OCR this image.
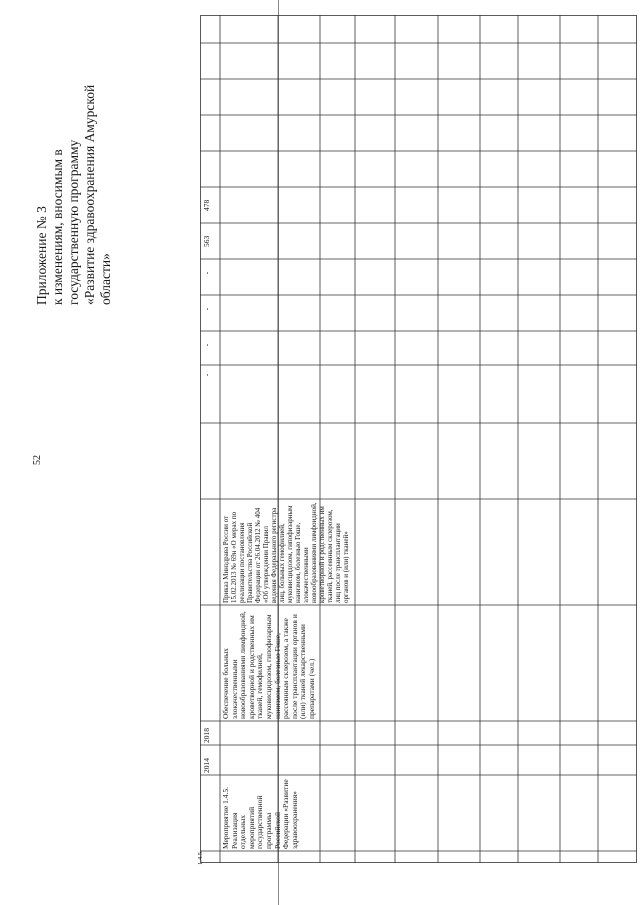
52
Приложение № 3 к изменениям, вносимым в государственную программу «Развитие здравоохранения Амурской области»
1.4.5.
Мероприятие 1.4.5. Реализация отдельных мероприятий государственной программы Российской Федерации «Развитие здравоохранения»
2014
2018
Обеспечение больных злокачественными новообразованиями лимфоидной, кроветворной и родственных им тканей, гемофилией, муковисцидозом, гипофизарным нанизмом, болезнью Гоше, рассеянным склерозом, а также после трансплантации органов и (или) тканей лекарственными препаратами (чел.)
Приказ Минздрава России от 15.02.2013 № 69н «О мерах по реализации постановления Правительства Российской Федерации от 26.04.2012 № 404 «Об утверждении Правил ведения Федерального регистра лиц, больных гемофилией, муковисцидозом, гипофизарным нанизмом, болезнью Гоше, злокачественными новообразованиями лимфоидной, кроветворной и родственных им тканей, рассеянным склерозом, лиц после трансплантации органов и (или) тканей»
-
-
-
-
563
478
